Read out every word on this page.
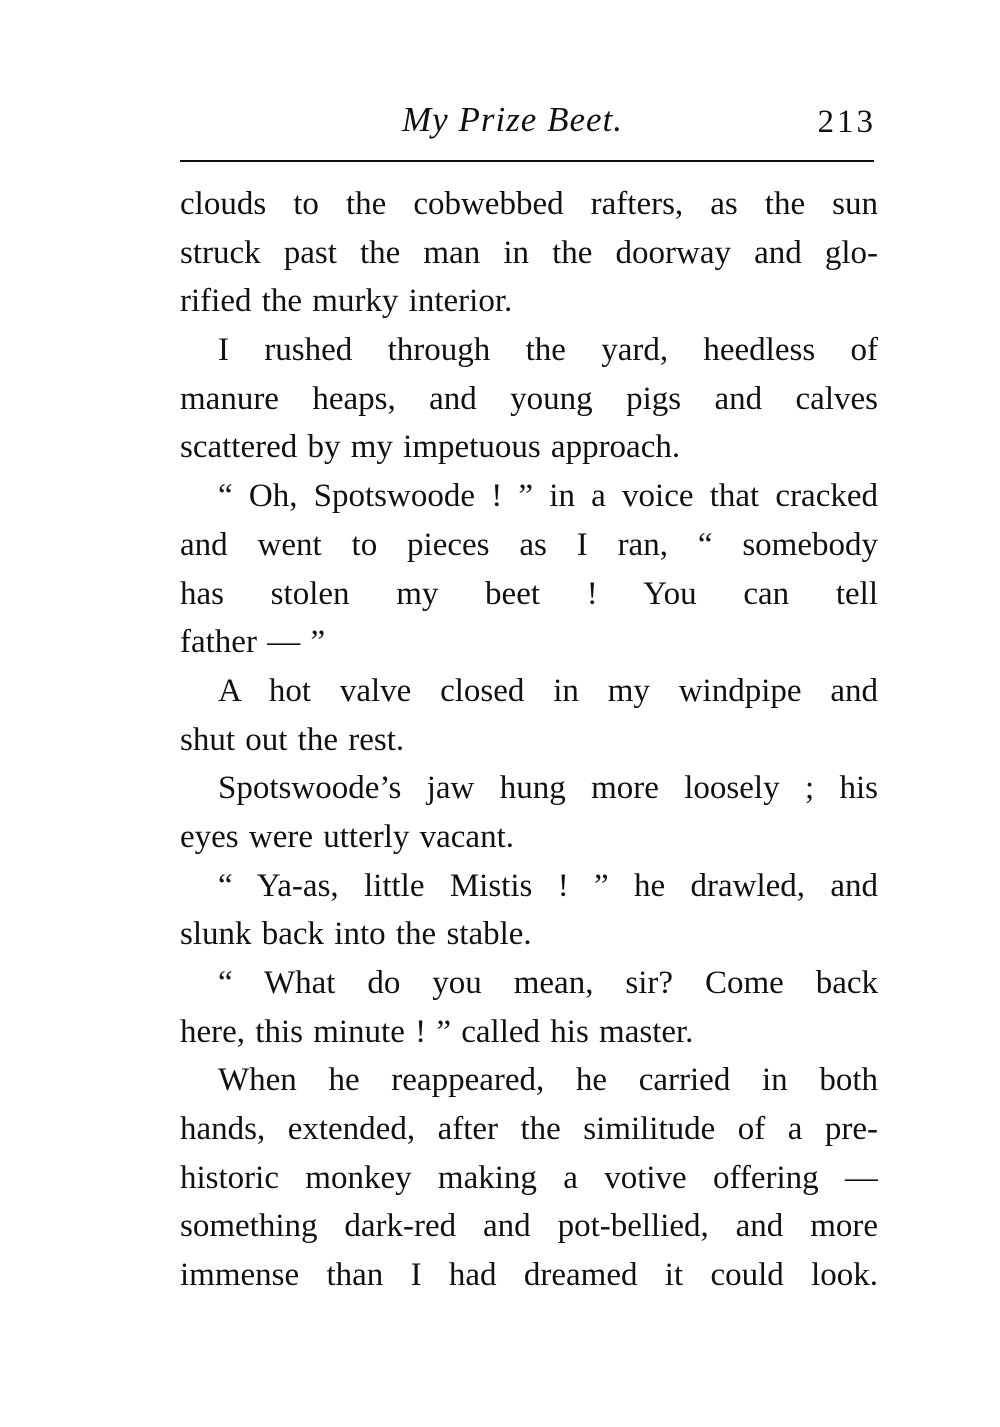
My Prize Beet.	213
clouds to the cobwebbed rafters, as the sun
struck past the man in the doorway and glo-
rified the murky interior.
I rushed through the yard, heedless of
manure heaps, and young pigs and calves
scattered by my impetuous approach.
“ Oh, Spotswoode ! ” in a voice that cracked
and went to pieces as I ran, “ somebody
has stolen my beet ! You can tell
father — ”
A hot valve closed in my windpipe and
shut out the rest.
Spotswoode’s jaw hung more loosely ; his
eyes were utterly vacant.
“ Ya-as, little Mistis ! ” he drawled, and
slunk back into the stable.
“ What do you mean, sir? Come back
here, this minute ! ” called his master.
When he reappeared, he carried in both
hands, extended, after the similitude of a pre-
historic monkey making a votive offering —
something dark-red and pot-bellied, and more
immense than I had dreamed it could look.
